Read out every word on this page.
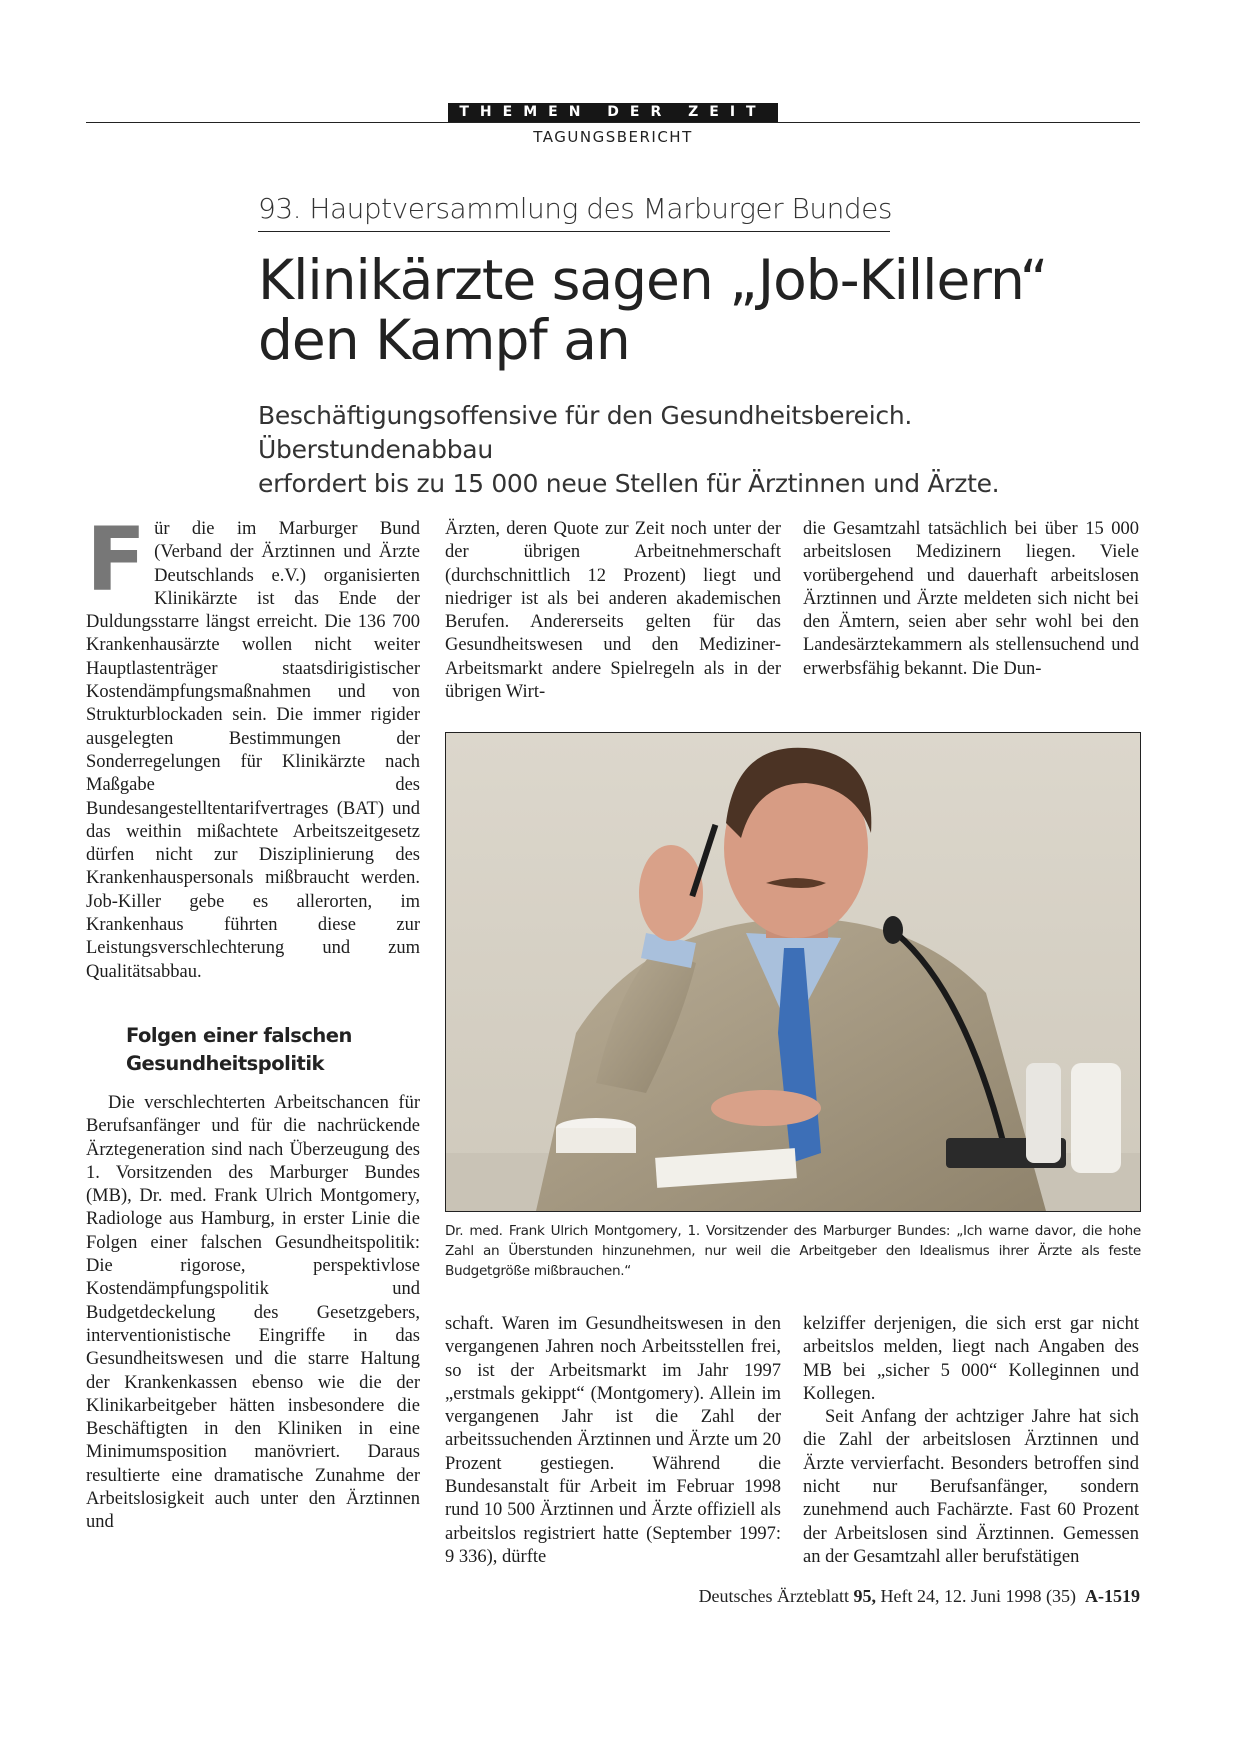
THEMEN DER ZEIT
TAGUNGSBERICHT
93. Hauptversammlung des Marburger Bundes
Klinikärzte sagen „Job-Killern“
den Kampf an
Beschäftigungsoffensive für den Gesundheitsbereich. Überstundenabbau
erfordert bis zu 15 000 neue Stellen für Ärztinnen und Ärzte.

Für die im Marburger Bund (Verband der Ärztinnen und Ärzte Deutschlands e.V.) organisierten Klinikärzte ist das Ende der Duldungsstarre längst erreicht. Die 136 700 Krankenhausärzte wollen nicht weiter Hauptlastenträger staatsdirigistischer Kostendämpfungsmaßnahmen und von Strukturblockaden sein. Die immer rigider ausgelegten Bestimmungen der Sonderregelungen für Klinikärzte nach Maßgabe des Bundesangestelltentarifvertrages (BAT) und das weithin mißachtete Arbeitszeitgesetz dürfen nicht zur Disziplinierung des Krankenhauspersonals mißbraucht werden. Job-Killer gebe es allerorten, im Krankenhaus führten diese zur Leistungsverschlechterung und zum Qualitätsabbau.

Folgen einer falschen
Gesundheitspolitik

Die verschlechterten Arbeitschancen für Berufsanfänger und für die nachrückende Ärztegeneration sind nach Überzeugung des 1. Vorsitzenden des Marburger Bundes (MB), Dr. med. Frank Ulrich Montgomery, Radiologe aus Hamburg, in erster Linie die Folgen einer falschen Gesundheitspolitik: Die rigorose, perspektivlose Kostendämpfungspolitik und Budgetdeckelung des Gesetzgebers, interventionistische Eingriffe in das Gesundheitswesen und die starre Haltung der Krankenkassen ebenso wie die der Klinikarbeitgeber hätten insbesondere die Beschäftigten in den Kliniken in eine Minimumsposition manövriert. Daraus resultierte eine dramatische Zunahme der Arbeitslosigkeit auch unter den Ärztinnen und

Ärzten, deren Quote zur Zeit noch unter der der übrigen Arbeitnehmerschaft (durchschnittlich 12 Prozent) liegt und niedriger ist als bei anderen akademischen Berufen. Andererseits gelten für das Gesundheitswesen und den Mediziner-Arbeitsmarkt andere Spielregeln als in der übrigen Wirt-

die Gesamtzahl tatsächlich bei über 15 000 arbeitslosen Medizinern liegen. Viele vorübergehend und dauerhaft arbeitslosen Ärztinnen und Ärzte meldeten sich nicht bei den Ämtern, seien aber sehr wohl bei den Landesärztekammern als stellensuchend und erwerbsfähig bekannt. Die Dun-

Dr. med. Frank Ulrich Montgomery, 1. Vorsitzender des Marburger Bundes: „Ich warne davor, die hohe Zahl an Überstunden hinzunehmen, nur weil die Arbeitgeber den Idealismus ihrer Ärzte als feste Budgetgröße mißbrauchen.“

schaft. Waren im Gesundheitswesen in den vergangenen Jahren noch Arbeitsstellen frei, so ist der Arbeitsmarkt im Jahr 1997 „erstmals gekippt“ (Montgomery). Allein im vergangenen Jahr ist die Zahl der arbeitssuchenden Ärztinnen und Ärzte um 20 Prozent gestiegen. Während die Bundesanstalt für Arbeit im Februar 1998 rund 10 500 Ärztinnen und Ärzte offiziell als arbeitslos registriert hatte (September 1997: 9 336), dürfte

kelziffer derjenigen, die sich erst gar nicht arbeitslos melden, liegt nach Angaben des MB bei „sicher 5 000“ Kolleginnen und Kollegen.

Seit Anfang der achtziger Jahre hat sich die Zahl der arbeitslosen Ärztinnen und Ärzte vervierfacht. Besonders betroffen sind nicht nur Berufsanfänger, sondern zunehmend auch Fachärzte. Fast 60 Prozent der Arbeitslosen sind Ärztinnen. Gemessen an der Gesamtzahl aller berufstätigen

Deutsches Ärzteblatt 95, Heft 24, 12. Juni 1998 (35) A-1519
